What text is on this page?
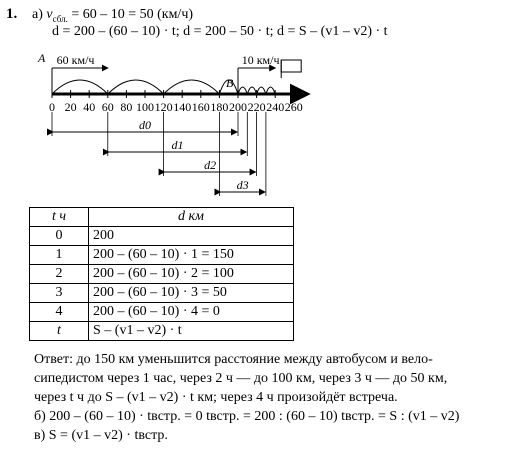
1. а) $v_{сбл.} = 60 - 10 = 50$ (км/ч)
d = 200 – (60 – 10) · t; d = 200 – 50 · t; d = S – (v1 – v2) · t
0 20 40 60 80 100 120 140 160 180 200 220 240 260
A 60 км/ч
B
10 км/ч
d0
d1
d2
d3
t ч	d км
0	200
1	200 – (60 – 10) · 1 = 150
2	200 – (60 – 10) · 2 = 100
3	200 – (60 – 10) · 3 = 50
4	200 – (60 – 10) · 4 = 0
t	S – (v1 – v2) · t
Ответ: до 150 км уменьшится расстояние между автобусом и вело-
сипедистом через 1 час, через 2 ч — до 100 км, через 3 ч — до 50 км,
через t ч до S – (v1 – v2) · t км; через 4 ч произойдёт встреча.
б) 200 – (60 – 10) · tвстр. = 0 tвстр. = 200 : (60 – 10) tвстр. = S : (v1 – v2)
в) S = (v1 – v2) · tвстр.
